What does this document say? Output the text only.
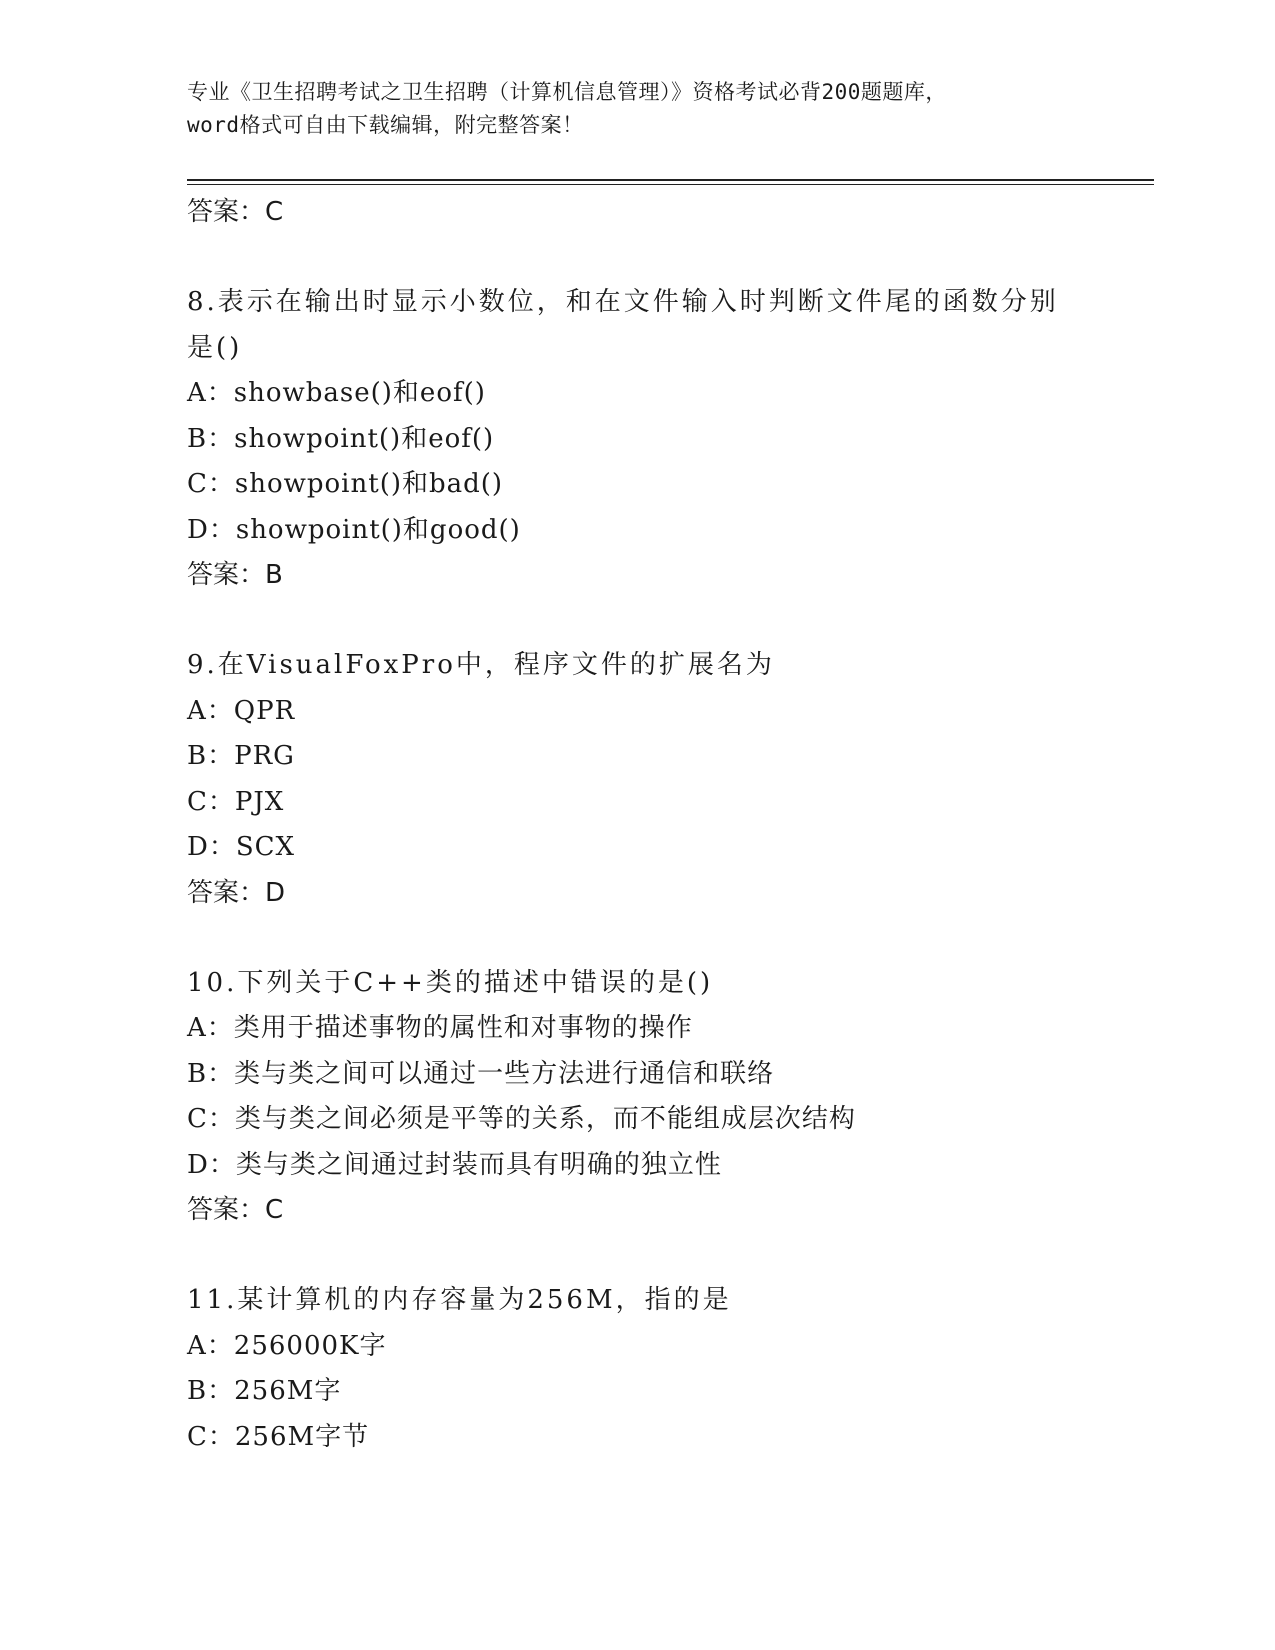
专业《卫生招聘考试之卫生招聘（计算机信息管理）》资格考试必背200题题库，
word格式可自由下载编辑，附完整答案！
答案：C
8.表示在输出时显示小数位，和在文件输入时判断文件尾的函数分别
是()
A：showbase()和eof()
B：showpoint()和eof()
C：showpoint()和bad()
D：showpoint()和good()
答案：B
9.在VisualFoxPro中，程序文件的扩展名为
A：QPR
B：PRG
C：PJX
D：SCX
答案：D
10.下列关于C++类的描述中错误的是()
A：类用于描述事物的属性和对事物的操作
B：类与类之间可以通过一些方法进行通信和联络
C：类与类之间必须是平等的关系，而不能组成层次结构
D：类与类之间通过封装而具有明确的独立性
答案：C
11.某计算机的内存容量为256M，指的是
A：256000K字
B：256M字
C：256M字节
